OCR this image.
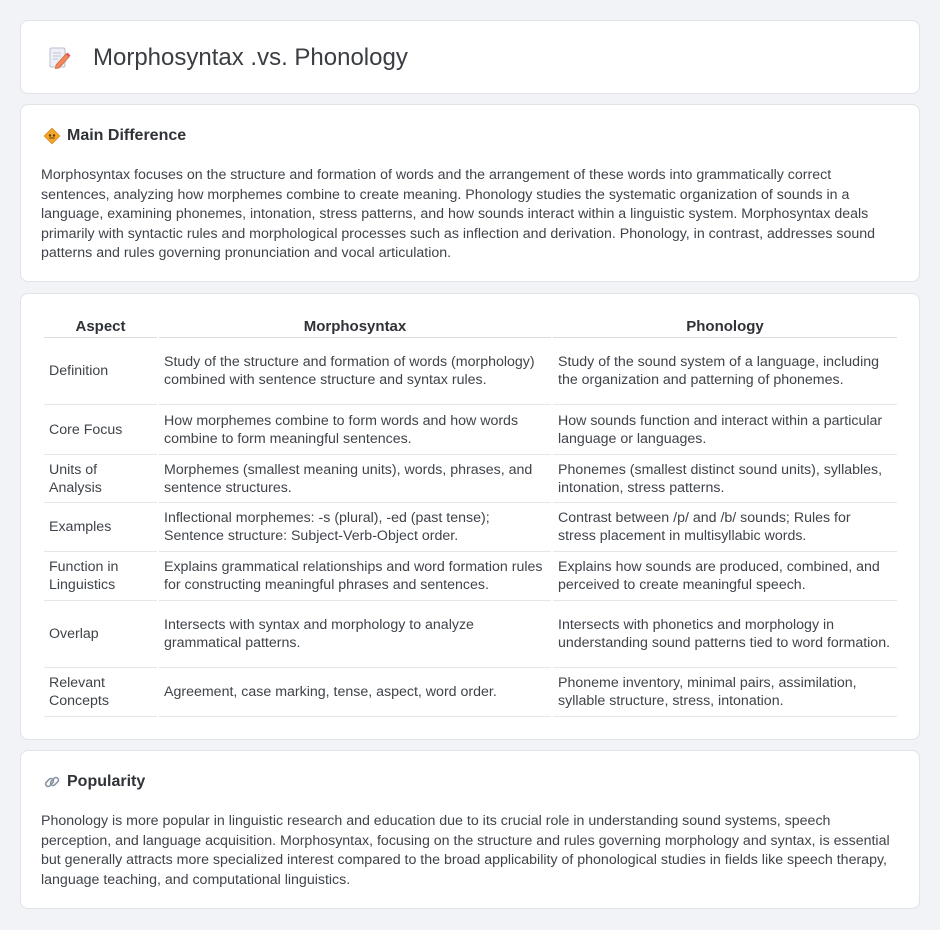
Morphosyntax .vs. Phonology
Main Difference

Morphosyntax focuses on the structure and formation of words and the arrangement of these words into grammatically correct sentences, analyzing how morphemes combine to create meaning. Phonology studies the systematic organization of sounds in a language, examining phonemes, intonation, stress patterns, and how sounds interact within a linguistic system. Morphosyntax deals primarily with syntactic rules and morphological processes such as inflection and derivation. Phonology, in contrast, addresses sound patterns and rules governing pronunciation and vocal articulation.

Aspect	Morphosyntax	Phonology
Definition	Study of the structure and formation of words (morphology) combined with sentence structure and syntax rules.	Study of the sound system of a language, including the organization and patterning of phonemes.
Core Focus	How morphemes combine to form words and how words combine to form meaningful sentences.	How sounds function and interact within a particular language or languages.
Units of Analysis	Morphemes (smallest meaning units), words, phrases, and sentence structures.	Phonemes (smallest distinct sound units), syllables, intonation, stress patterns.
Examples	Inflectional morphemes: -s (plural), -ed (past tense); Sentence structure: Subject-Verb-Object order.	Contrast between /p/ and /b/ sounds; Rules for stress placement in multisyllabic words.
Function in Linguistics	Explains grammatical relationships and word formation rules for constructing meaningful phrases and sentences.	Explains how sounds are produced, combined, and perceived to create meaningful speech.
Overlap	Intersects with syntax and morphology to analyze grammatical patterns.	Intersects with phonetics and morphology in understanding sound patterns tied to word formation.
Relevant Concepts	Agreement, case marking, tense, aspect, word order.	Phoneme inventory, minimal pairs, assimilation, syllable structure, stress, intonation.
Popularity

Phonology is more popular in linguistic research and education due to its crucial role in understanding sound systems, speech perception, and language acquisition. Morphosyntax, focusing on the structure and rules governing morphology and syntax, is essential but generally attracts more specialized interest compared to the broad applicability of phonological studies in fields like speech therapy, language teaching, and computational linguistics.
